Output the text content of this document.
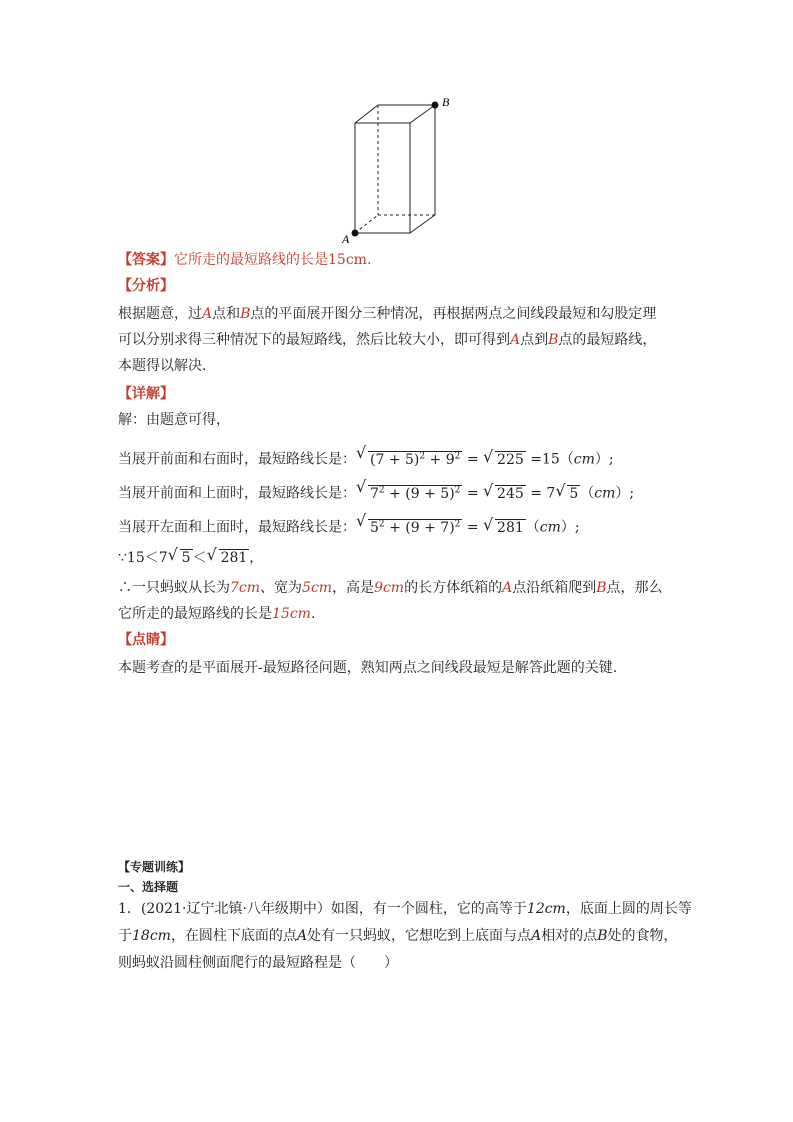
A
B
【答案】它所走的最短路线的长是15cm.
【分析】
根据题意，过A点和B点的平面展开图分三种情况，再根据两点之间线段最短和勾股定理
可以分别求得三种情况下的最短路线，然后比较大小，即可得到A点到B点的最短路线，
本题得以解决.
【详解】
解：由题意可得，
当展开前面和右面时，最短路线长是： √ $(7 + 5)^2 + 9^2$ = √ 225 =15（cm）;
当展开前面和上面时，最短路线长是： √ $7^2 + (9 + 5)^2$ = √ 245 = 7 √ 5 （cm）;
当展开左面和上面时，最短路线长是： √ $5^2 + (9 + 7)^2$ = √ 281 （cm）;
∵15＜7 √ 5 ＜ √ 281 ，
∴一只蚂蚁从长为7cm、宽为5cm，高是9cm的长方体纸箱的A点沿纸箱爬到B点，那么
它所走的最短路线的长是15cm.
【点睛】
本题考查的是平面展开-最短路径问题，熟知两点之间线段最短是解答此题的关键.
【专题训练】
一、选择题
1．(2021·辽宁北镇·八年级期中）如图，有一个圆柱，它的高等于12cm，底面上圆的周长等
于18cm，在圆柱下底面的点A处有一只蚂蚁，它想吃到上底面与点A相对的点B处的食物，
则蚂蚁沿圆柱侧面爬行的最短路程是（　　）
